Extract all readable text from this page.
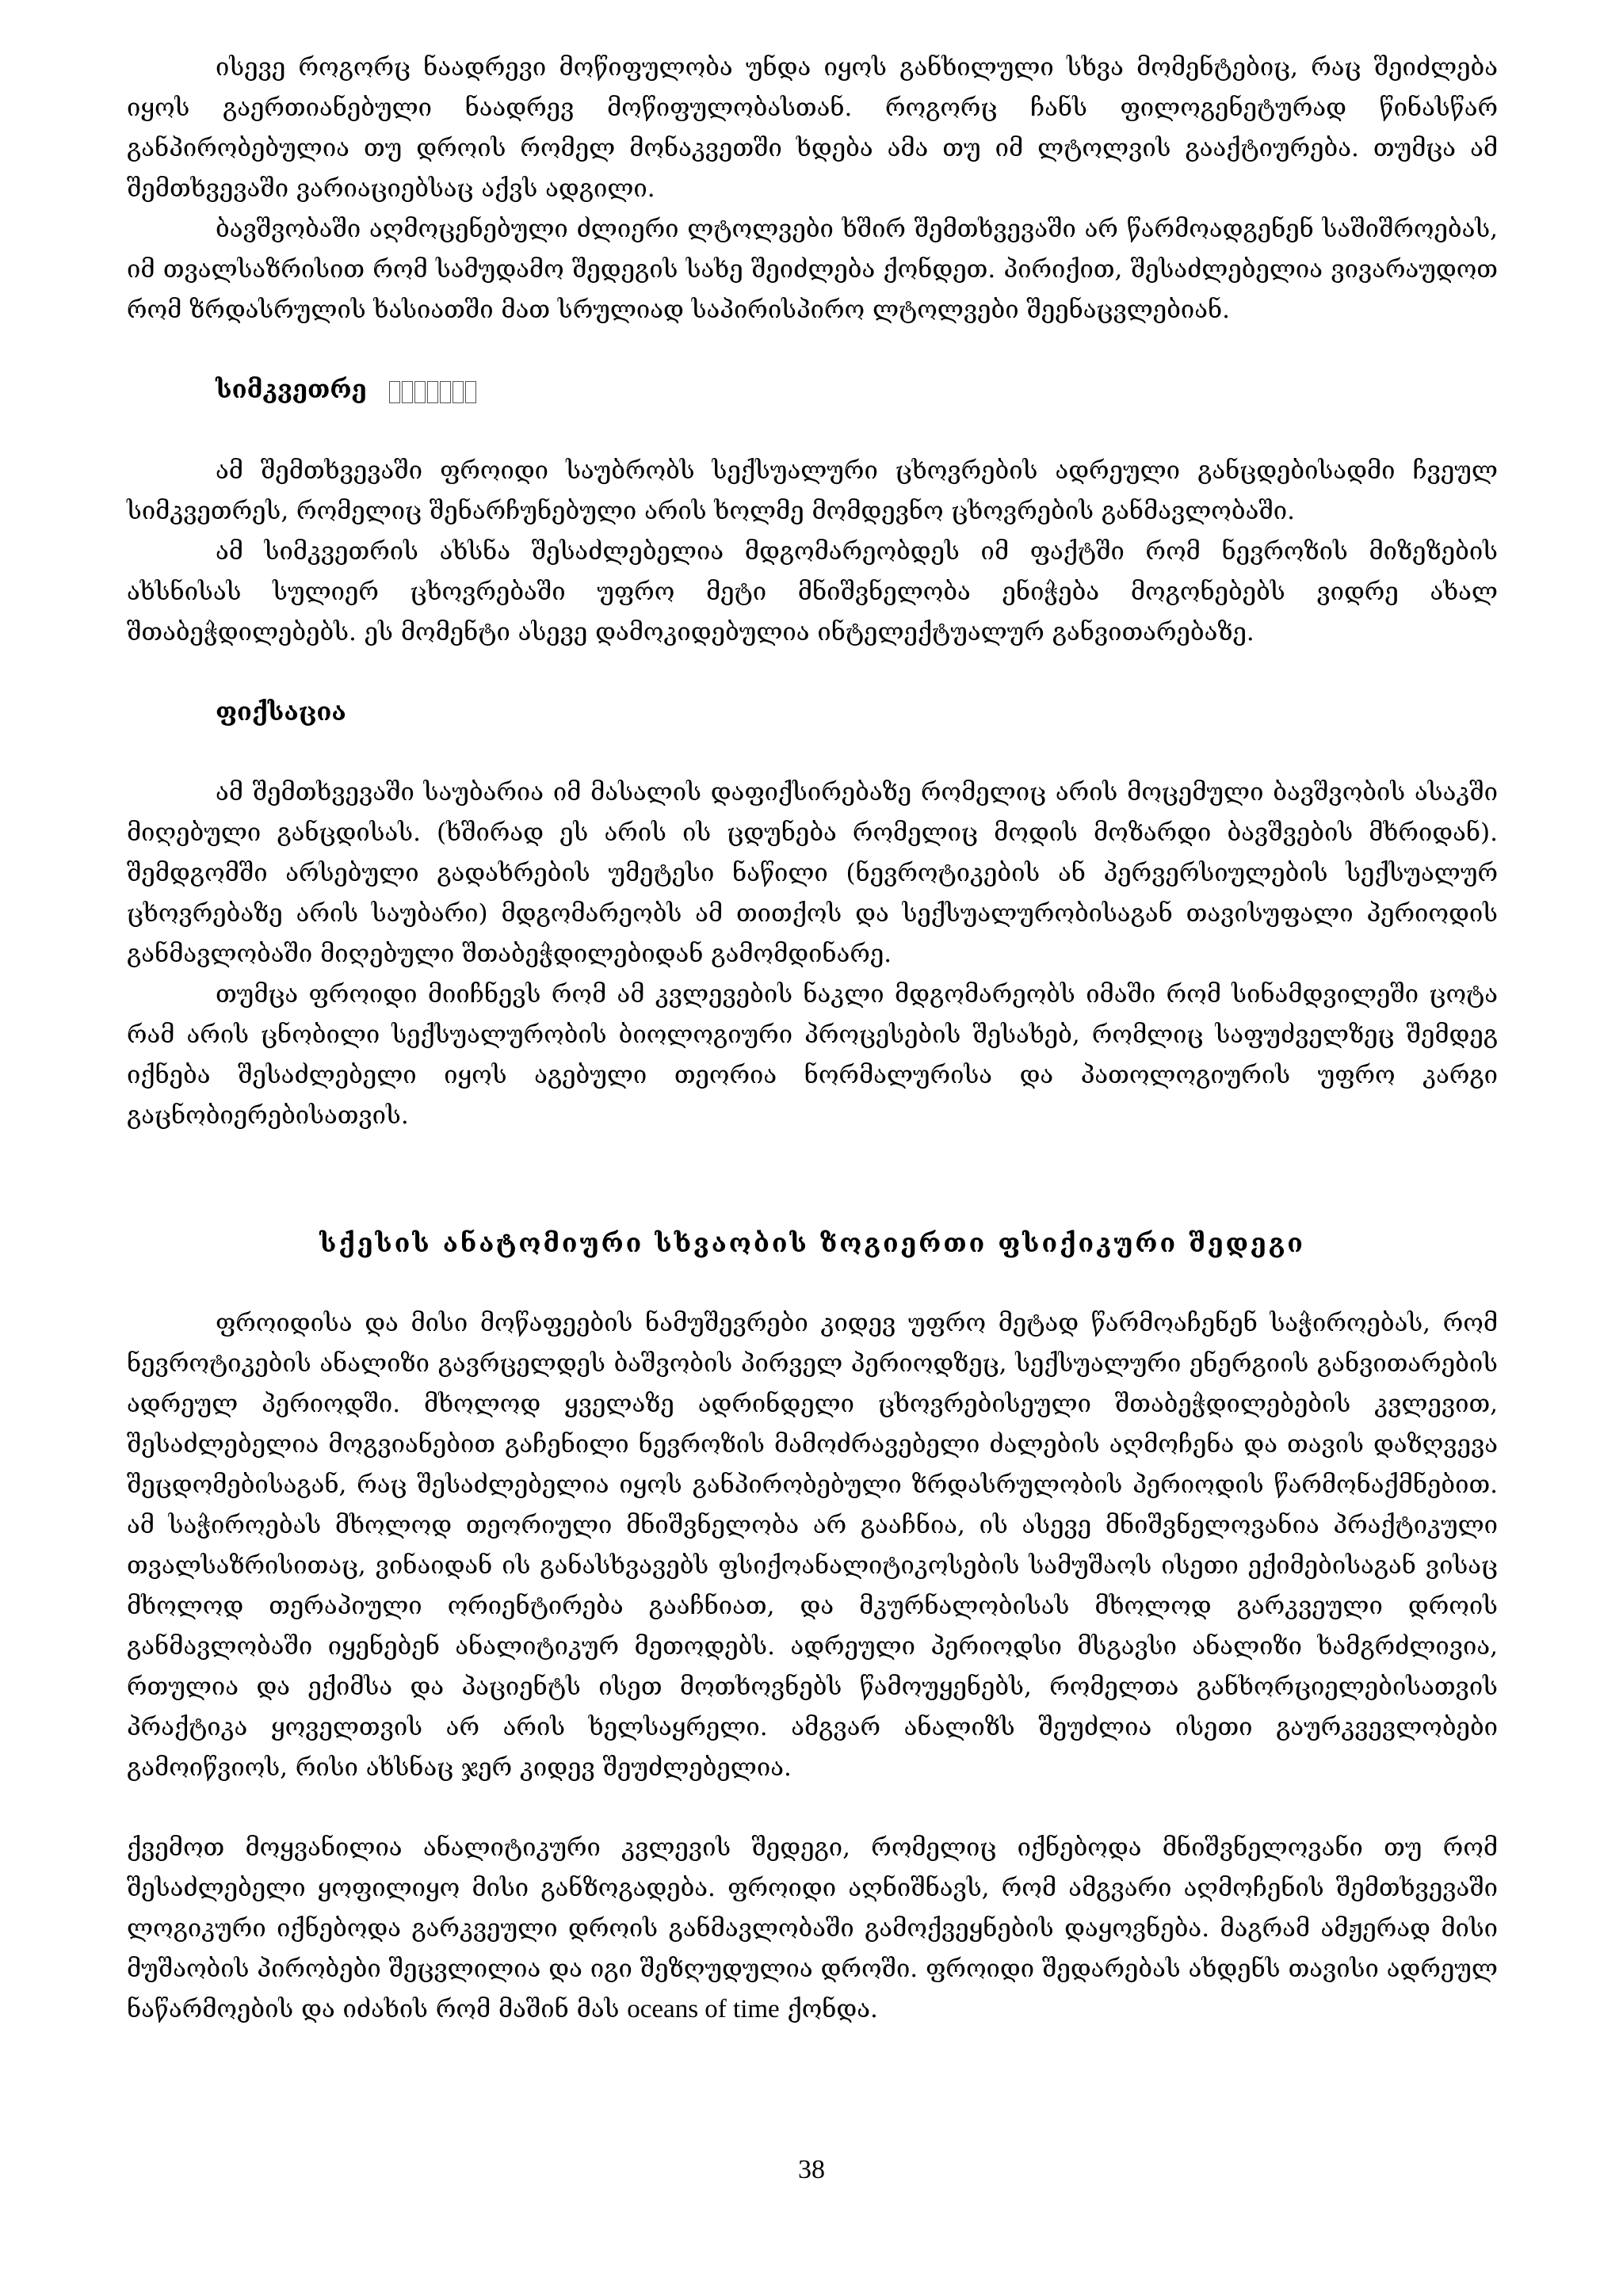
ისევე როგორც ნაადრევი მოწიფულობა უნდა იყოს განხილული სხვა მომენტებიც, რაც შეიძლება იყოს გაერთიანებული ნაადრევ მოწიფულობასთან. როგორც ჩანს ფილოგენეტურად წინასწარ განპირობებულია თუ დროის რომელ მონაკვეთში ხდება ამა თუ იმ ლტოლვის გააქტიურება. თუმცა ამ შემთხვევაში ვარიაციებსაც აქვს ადგილი.

ბავშვობაში აღმოცენებული ძლიერი ლტოლვები ხშირ შემთხვევაში არ წარმოადგენენ საშიშროებას, იმ თვალსაზრისით რომ სამუდამო შედეგის სახე შეიძლება ქონდეთ. პირიქით, შესაძლებელია ვივარაუდოთ რომ ზრდასრულის ხასიათში მათ სრულიად საპირისპირო ლტოლვები შეენაცვლებიან.

სიმკვეთრე

ამ შემთხვევაში ფროიდი საუბრობს სექსუალური ცხოვრების ადრეული განცდებისადმი ჩვეულ სიმკვეთრეს, რომელიც შენარჩუნებული არის ხოლმე მომდევნო ცხოვრების განმავლობაში.

ამ სიმკვეთრის ახსნა შესაძლებელია მდგომარეობდეს იმ ფაქტში რომ ნევროზის მიზეზების ახსნისას სულიერ ცხოვრებაში უფრო მეტი მნიშვნელობა ენიჭება მოგონებებს ვიდრე ახალ შთაბეჭდილებებს. ეს მომენტი ასევე დამოკიდებულია ინტელექტუალურ განვითარებაზე.

ფიქსაცია

ამ შემთხვევაში საუბარია იმ მასალის დაფიქსირებაზე რომელიც არის მოცემული ბავშვობის ასაკში მიღებული განცდისას. (ხშირად ეს არის ის ცდუნება რომელიც მოდის მოზარდი ბავშვების მხრიდან). შემდგომში არსებული გადახრების უმეტესი ნაწილი (ნევროტიკების ან პერვერსიულების სექსუალურ ცხოვრებაზე არის საუბარი) მდგომარეობს ამ თითქოს და სექსუალურობისაგან თავისუფალი პერიოდის განმავლობაში მიღებული შთაბეჭდილებიდან გამომდინარე.

თუმცა ფროიდი მიიჩნევს რომ ამ კვლევების ნაკლი მდგომარეობს იმაში რომ სინამდვილეში ცოტა რამ არის ცნობილი სექსუალურობის ბიოლოგიური პროცესების შესახებ, რომლიც საფუძველზეც შემდეგ იქნება შესაძლებელი იყოს აგებული თეორია ნორმალურისა და პათოლოგიურის უფრო კარგი გაცნობიერებისათვის.

სქესის ანატომიური სხვაობის ზოგიერთი ფსიქიკური შედეგი

ფროიდისა და მისი მოწაფეების ნამუშევრები კიდევ უფრო მეტად წარმოაჩენენ საჭიროებას, რომ ნევროტიკების ანალიზი გავრცელდეს ბაშვობის პირველ პერიოდზეც, სექსუალური ენერგიის განვითარების ადრეულ პერიოდში. მხოლოდ ყველაზე ადრინდელი ცხოვრებისეული შთაბეჭდილებების კვლევით, შესაძლებელია მოგვიანებით გაჩენილი ნევროზის მამოძრავებელი ძალების აღმოჩენა და თავის დაზღვევა შეცდომებისაგან, რაც შესაძლებელია იყოს განპირობებული ზრდასრულობის პერიოდის წარმონაქმნებით. ამ საჭიროებას მხოლოდ თეორიული მნიშვნელობა არ გააჩნია, ის ასევე მნიშვნელოვანია პრაქტიკული თვალსაზრისითაც, ვინაიდან ის განასხვავებს ფსიქოანალიტიკოსების სამუშაოს ისეთი ექიმებისაგან ვისაც მხოლოდ თერაპიული ორიენტირება გააჩნიათ, და მკურნალობისას მხოლოდ გარკვეული დროის განმავლობაში იყენებენ ანალიტიკურ მეთოდებს. ადრეული პერიოდსი მსგავსი ანალიზი ხამგრძლივია, რთულია და ექიმსა და პაციენტს ისეთ მოთხოვნებს წამოუყენებს, რომელთა განხორციელებისათვის პრაქტიკა ყოველთვის არ არის ხელსაყრელი. ამგვარ ანალიზს შეუძლია ისეთი გაურკვევლობები გამოიწვიოს, რისი ახსნაც ჯერ კიდევ შეუძლებელია.

ქვემოთ მოყვანილია ანალიტიკური კვლევის შედეგი, რომელიც იქნებოდა მნიშვნელოვანი თუ რომ შესაძლებელი ყოფილიყო მისი განზოგადება. ფროიდი აღნიშნავს, რომ ამგვარი აღმოჩენის შემთხვევაში ლოგიკური იქნებოდა გარკვეული დროის განმავლობაში გამოქვეყნების დაყოვნება. მაგრამ ამჟერად მისი მუშაობის პირობები შეცვლილია და იგი შეზღუდულია დროში. ფროიდი შედარებას ახდენს თავისი ადრეულ ნაწარმოების და იძახის რომ მაშინ მას oceans of time ქონდა.

38
